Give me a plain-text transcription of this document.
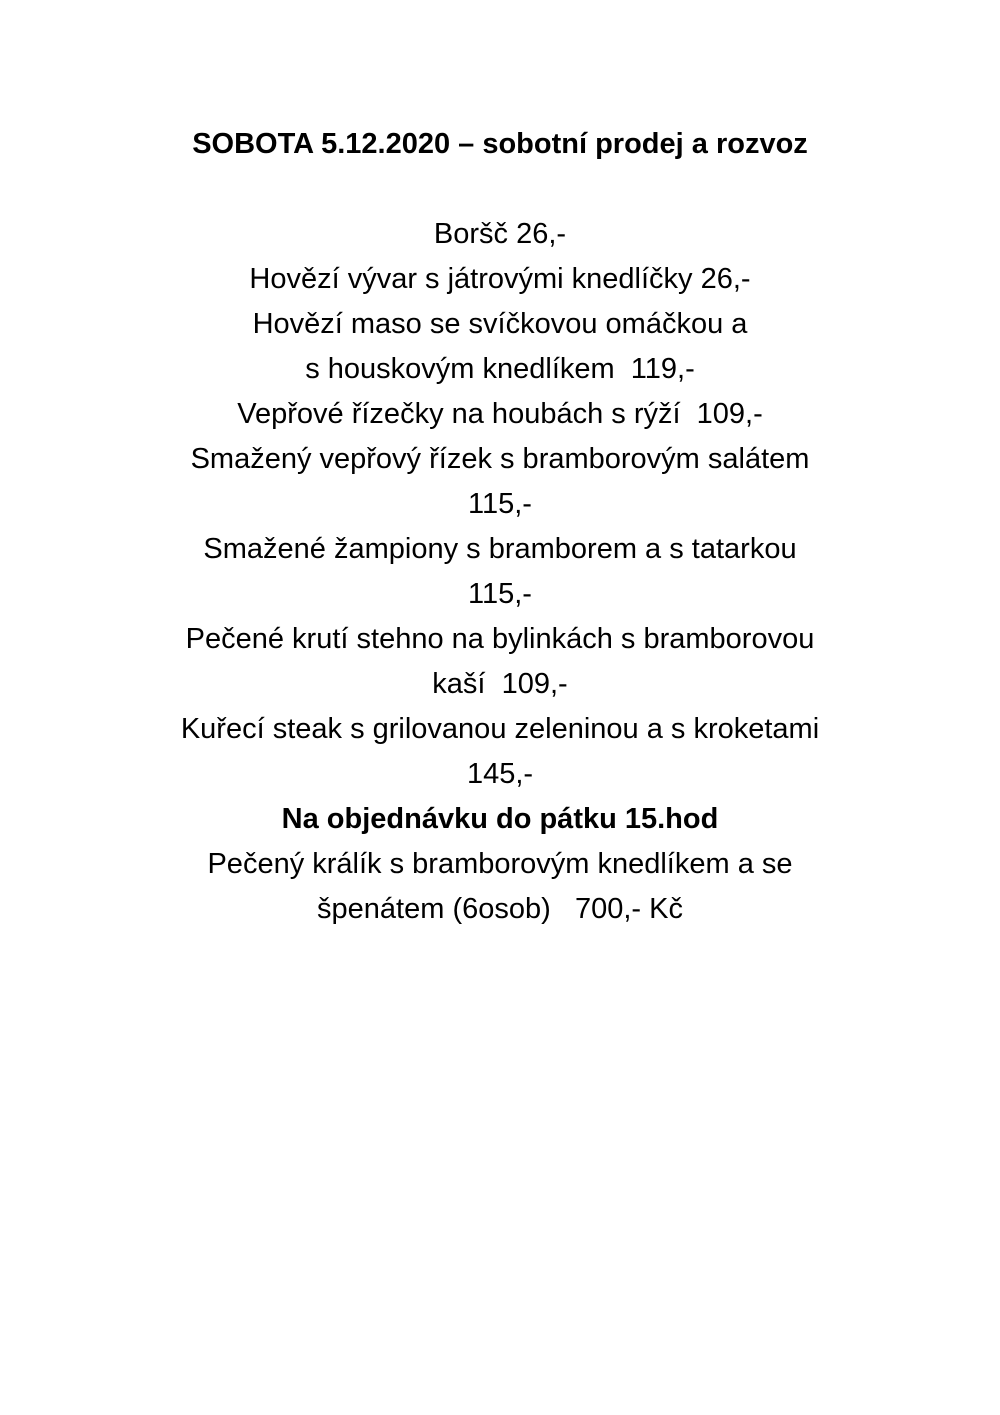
SOBOTA 5.12.2020 – sobotní prodej a rozvoz
Boršč 26,-
Hovězí vývar s játrovými knedlíčky 26,-
Hovězí maso se svíčkovou omáčkou a
s houskovým knedlíkem  119,-
Vepřové řízečky na houbách s rýží  109,-
Smažený vepřový řízek s bramborovým salátem
115,-
Smažené žampiony s bramborem a s tatarkou
115,-
Pečené krutí stehno na bylinkách s bramborovou
kaší  109,-
Kuřecí steak s grilovanou zeleninou a s kroketami
145,-
Na objednávku do pátku 15.hod
Pečený králík s bramborovým knedlíkem a se
špenátem (6osob)   700,- Kč
